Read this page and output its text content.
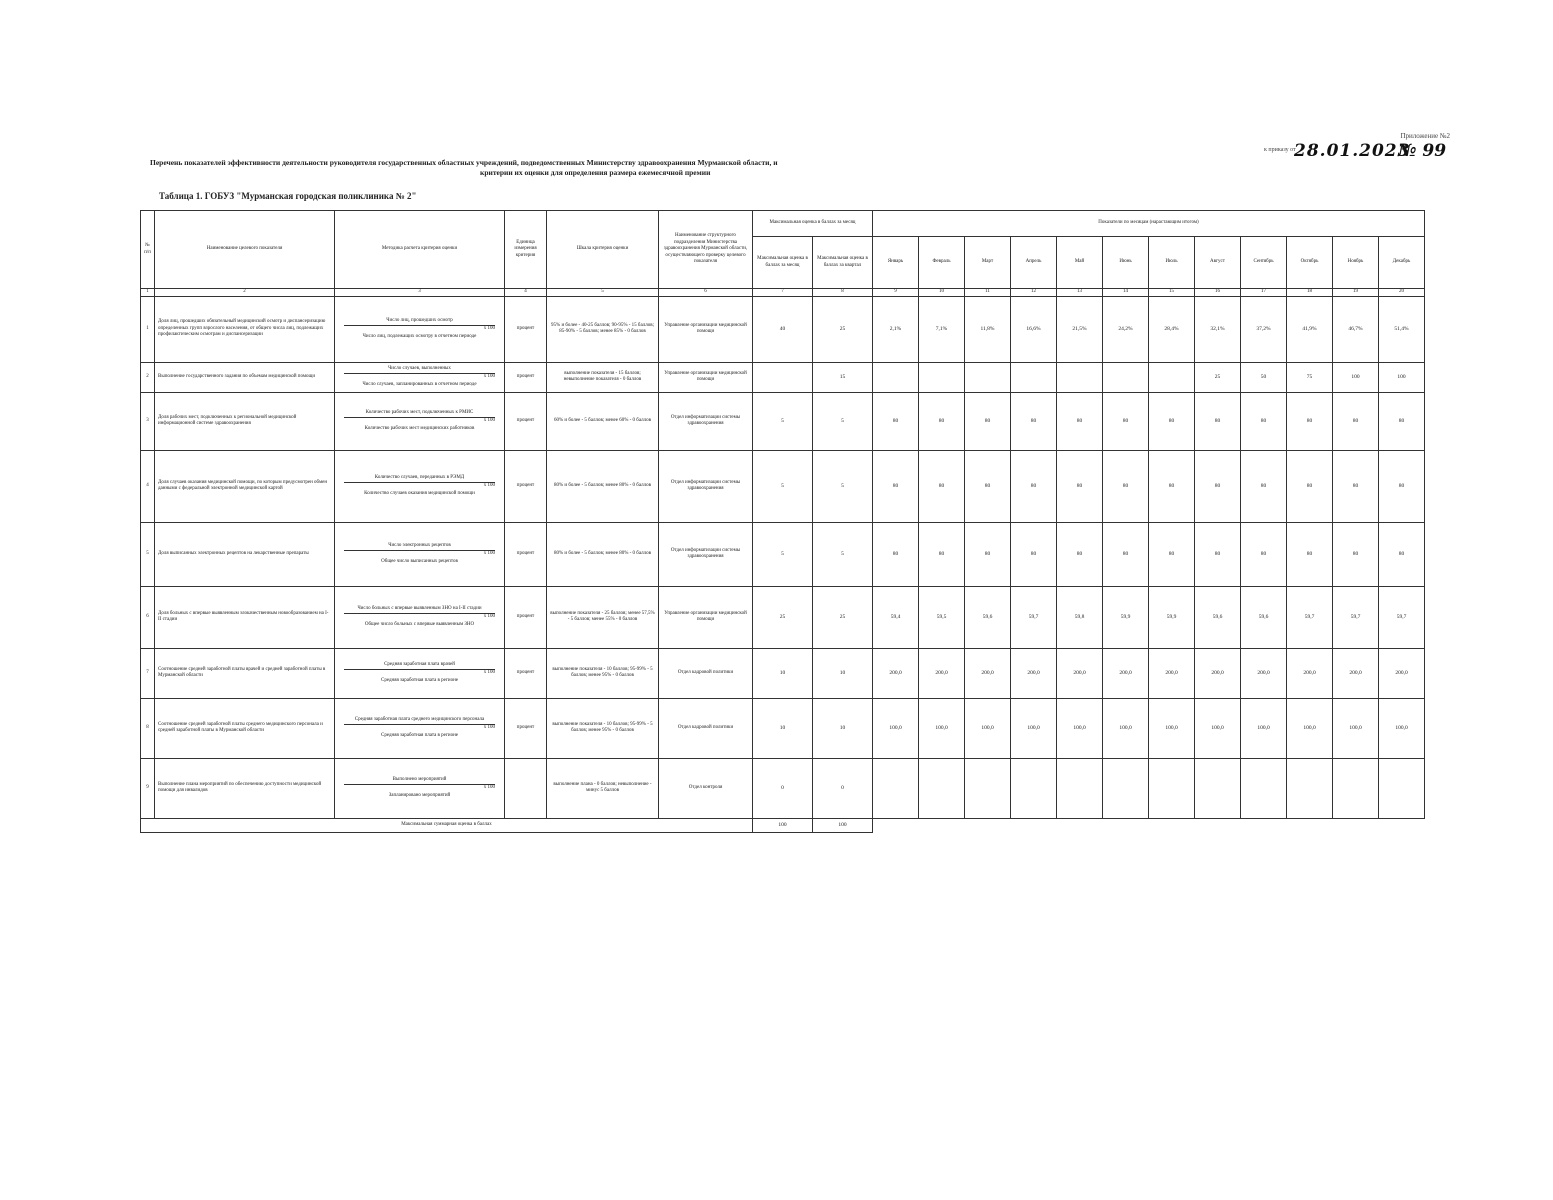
Приложение №2
к приказу от
28.01.2023
№ 99
Перечень показателей эффективности деятельности руководителя государственных областных учреждений, подведомственных Министерству здравоохранения Мурманской области, и
критерии их оценки для определения размера ежемесячной премии
Таблица 1. ГОБУЗ "Мурманская городская поликлиника № 2"
№ п/п	Наименование целевого показателя	Методика расчета критерия оценки	Единица измерения критерия	Шкала критерия оценки	Наименование структурного подразделения Министерства здравоохранения Мурманской области, осуществляющего проверку целевого показателя	Максимальная оценка в баллах за месяц		Показатели по месяцам (нарастающим итогом)											
						Максимальная оценка в баллах за месяц	Максимальная оценка в баллах за квартал	Январь	Февраль	Март	Апрель	Май	Июнь	Июль	Август	Сентябрь	Октябрь	Ноябрь	Декабрь
1	2	3	4	5	6	7	8	9	10	11	12	13	14	15	16	17	18	19	20
1	Доля лиц, прошедших обязательный медицинский осмотр и диспансеризацию определенных групп взрослого населения, от общего числа лиц, подлежащих профилактическим осмотрам и диспансеризации	Число лиц, прошедших осмотр
x 100
Число лиц, подлежащих осмотру в отчетном периоде	процент	95% и более - 40-25 баллов; 90-95% - 15 баллов; 85-90% - 5 баллов; менее 85% - 0 баллов	Управление организации медицинской помощи	40	25	2,1%	7,1%	11,8%	16,6%	21,5%	24,2%	28,4%	32,1%	37,2%	41,9%	46,7%	51,4%
2	Выполнение государственного задания по объемам медицинской помощи	Число случаев, выполненных
x 100
Число случаев, запланированных в отчетном периоде	процент	выполнение показателя - 15 баллов; невыполнение показателя - 0 баллов	Управление организации медицинской помощи		15								25	50	75	100	100
3	Доля рабочих мест, подключенных к региональной медицинской информационной системе здравоохранения	Количество рабочих мест, подключенных к РМИС
x 100
Количество рабочих мест медицинских работников	процент	60% и более - 5 баллов; менее 60% - 0 баллов	Отдел информатизации системы здравоохранения	5	5	80	80	80	80	80	80	80	80	80	80	80	80
4	Доля случаев оказания медицинской помощи, по которым предусмотрен обмен данными с федеральной электронной медицинской картой	Количество случаев, переданных в РЭМД
x 100
Количество случаев оказания медицинской помощи	процент	80% и более - 5 баллов; менее 80% - 0 баллов	Отдел информатизации системы здравоохранения	5	5	80	80	80	80	80	80	80	80	80	80	80	80
5	Доля выписанных электронных рецептов на лекарственные препараты	Число электронных рецептов
x 100
Общее число выписанных рецептов	процент	80% и более - 5 баллов; менее 80% - 0 баллов	Отдел информатизации системы здравоохранения	5	5	80	80	80	80	80	80	80	80	80	80	80	80
6	Доля больных с впервые выявленным злокачественным новообразованием на I-II стадии	Число больных с впервые выявленным ЗНО на I-II стадии
x 100
Общее число больных с впервые выявленным ЗНО	процент	выполнение показателя - 25 баллов; менее 57,5% - 5 баллов; менее 55% - 0 баллов	Управление организации медицинской помощи	25	25	59,4	59,5	59,6	59,7	59,8	59,9	59,9	59,6	59,6	59,7	59,7	59,7
7	Соотношение средней заработной платы врачей и средней заработной платы в Мурманской области	Средняя заработная плата врачей
x 100
Средняя заработная плата в регионе	процент	выполнение показателя - 10 баллов; 95-99% - 5 баллов; менее 95% - 0 баллов	Отдел кадровой политики	10	10	200,0	200,0	200,0	200,0	200,0	200,0	200,0	200,0	200,0	200,0	200,0	200,0
8	Соотношение средней заработной платы среднего медицинского персонала и средней заработной платы в Мурманской области	Средняя заработная плата среднего медицинского персонала
x 100
Средняя заработная плата в регионе	процент	выполнение показателя - 10 баллов; 95-99% - 5 баллов; менее 95% - 0 баллов	Отдел кадровой политики	10	10	100,0	100,0	100,0	100,0	100,0	100,0	100,0	100,0	100,0	100,0	100,0	100,0
9	Выполнение плана мероприятий по обеспечению доступности медицинской помощи для инвалидов	Выполнено мероприятий
x 100
Запланировано мероприятий		выполнение плана - 0 баллов; невыполнение - минус 5 баллов	Отдел контроля	0	0												
Максимальная суммарная оценка в баллах						100	100												
